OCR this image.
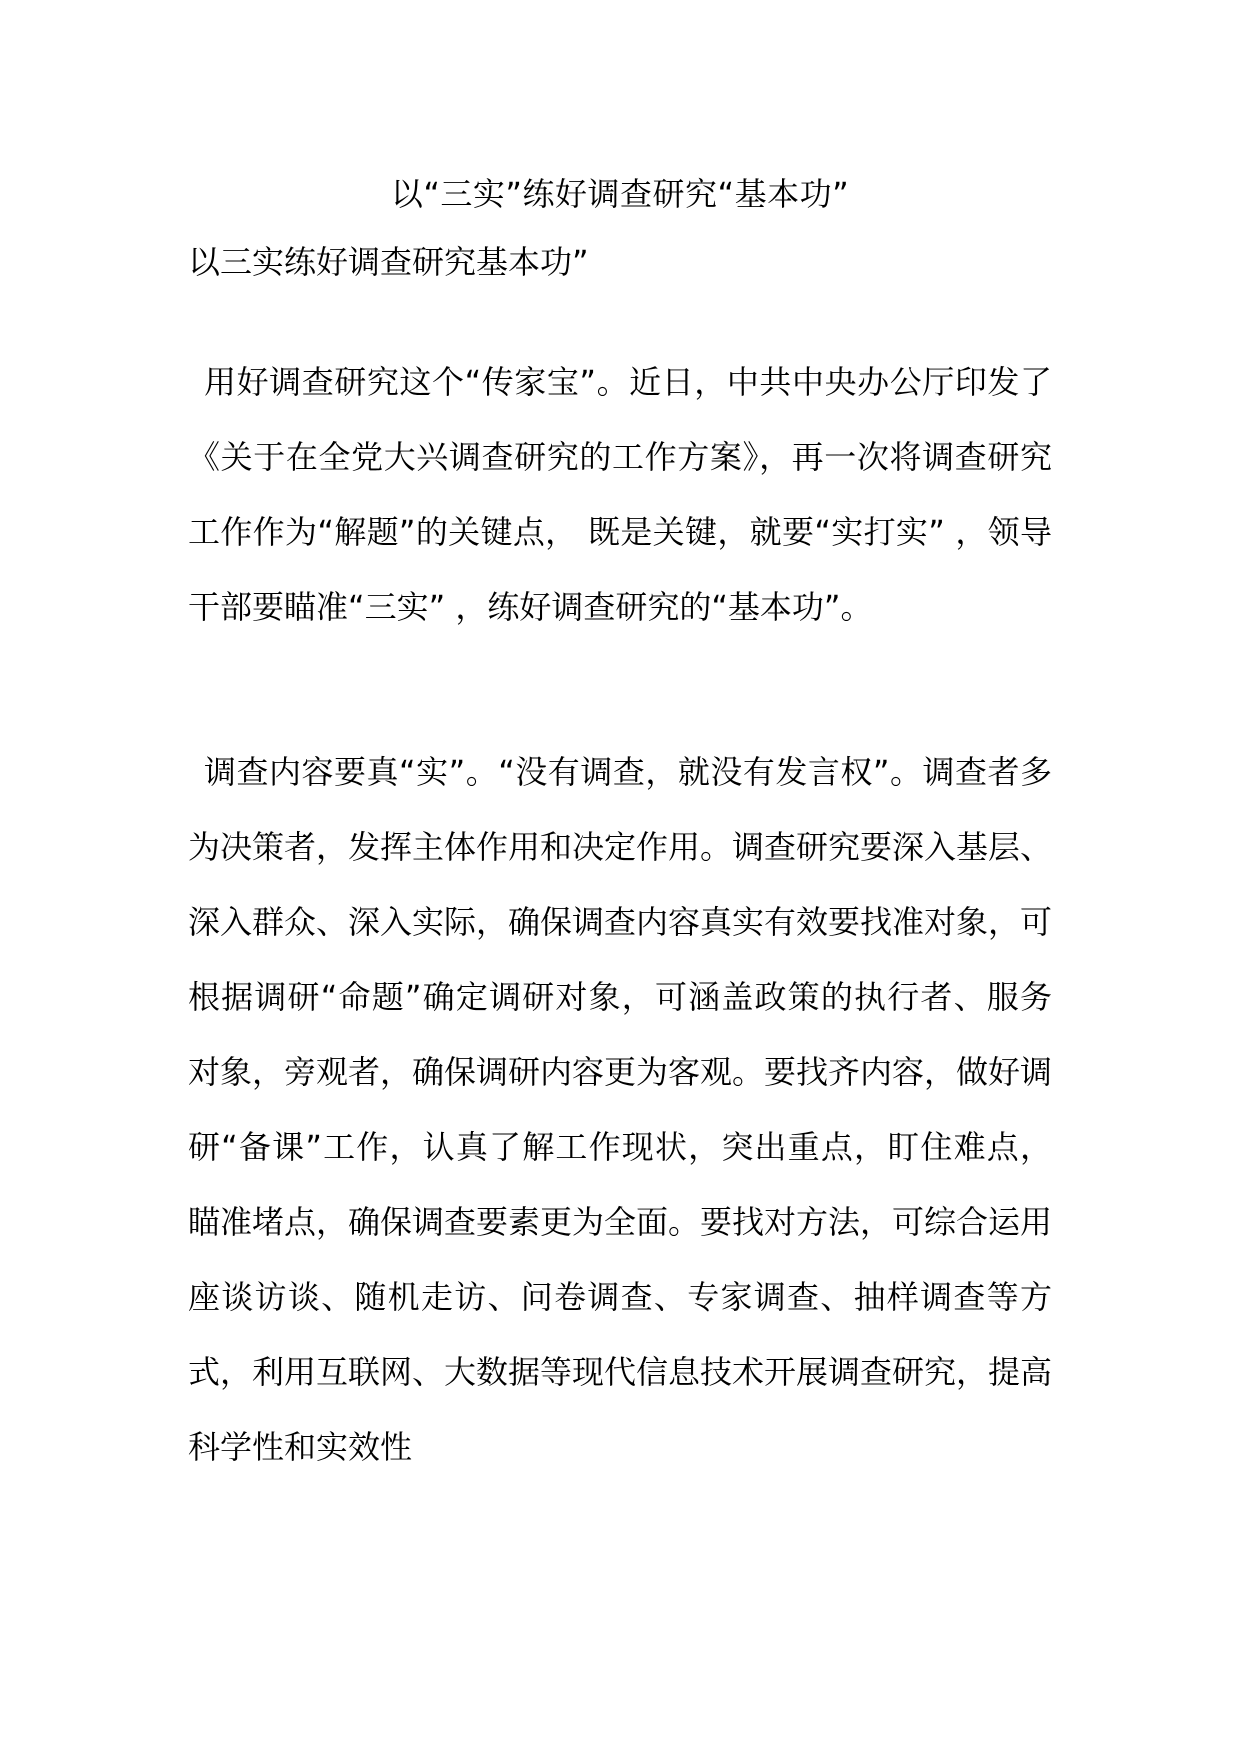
以“三实”练好调查研究“基本功”

以三实练好调查研究基本功”

用好调查研究这个“传家宝”。近日，中共中央办公厅印发了《关于在全党大兴调查研究的工作方案》，再一次将调查研究工作作为“解题”的关键点， 既是关键，就要“实打实” ，领导干部要瞄准“三实” ，练好调查研究的“基本功”。

调查内容要真“实”。“没有调查，就没有发言权”。调查者多为决策者，发挥主体作用和决定作用。调查研究要深入基层、深入群众、深入实际，确保调查内容真实有效要找准对象，可根据调研“命题”确定调研对象，可涵盖政策的执行者、服务对象，旁观者，确保调研内容更为客观。要找齐内容，做好调研“备课”工作，认真了解工作现状，突出重点，盯住难点，瞄准堵点，确保调查要素更为全面。要找对方法，可综合运用座谈访谈、随机走访、问卷调查、专家调查、抽样调查等方式，利用互联网、大数据等现代信息技术开展调查研究，提高科学性和实效性
